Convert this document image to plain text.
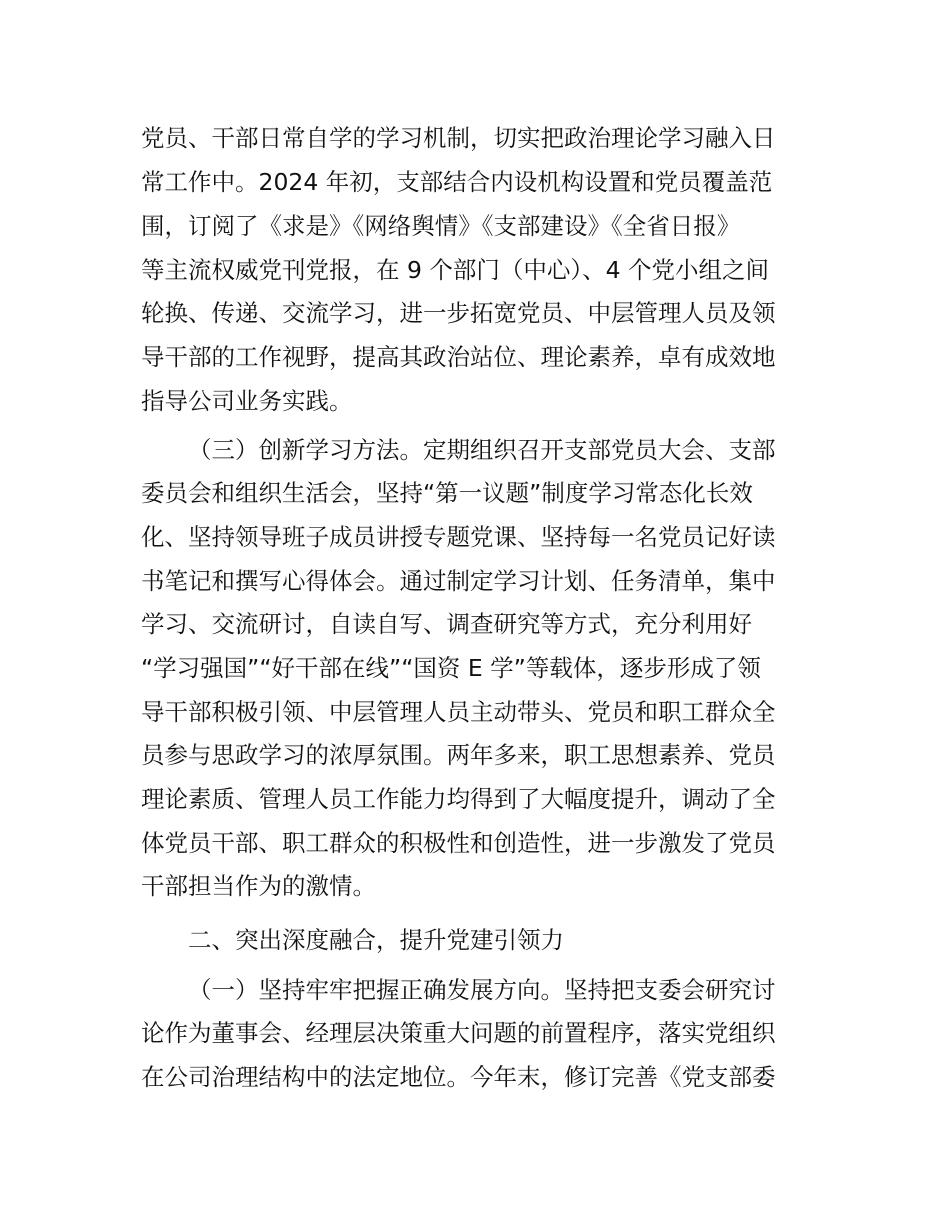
党员、干部日常自学的学习机制，切实把政治理论学习融入日
常工作中。2024 年初，支部结合内设机构设置和党员覆盖范
围，订阅了《求是》《网络舆情》《支部建设》《全省日报》
等主流权威党刊党报，在 9 个部门（中心）、4 个党小组之间
轮换、传递、交流学习，进一步拓宽党员、中层管理人员及领
导干部的工作视野，提高其政治站位、理论素养，卓有成效地
指导公司业务实践。
（三）创新学习方法。定期组织召开支部党员大会、支部
委员会和组织生活会，坚持“第一议题”制度学习常态化长效
化、坚持领导班子成员讲授专题党课、坚持每一名党员记好读
书笔记和撰写心得体会。通过制定学习计划、任务清单，集中
学习、交流研讨，自读自写、调查研究等方式，充分利用好
“学习强国”“好干部在线”“国资 E 学”等载体，逐步形成了领
导干部积极引领、中层管理人员主动带头、党员和职工群众全
员参与思政学习的浓厚氛围。两年多来，职工思想素养、党员
理论素质、管理人员工作能力均得到了大幅度提升，调动了全
体党员干部、职工群众的积极性和创造性，进一步激发了党员
干部担当作为的激情。
二、突出深度融合，提升党建引领力
（一）坚持牢牢把握正确发展方向。坚持把支委会研究讨
论作为董事会、经理层决策重大问题的前置程序，落实党组织
在公司治理结构中的法定地位。今年末，修订完善《党支部委
